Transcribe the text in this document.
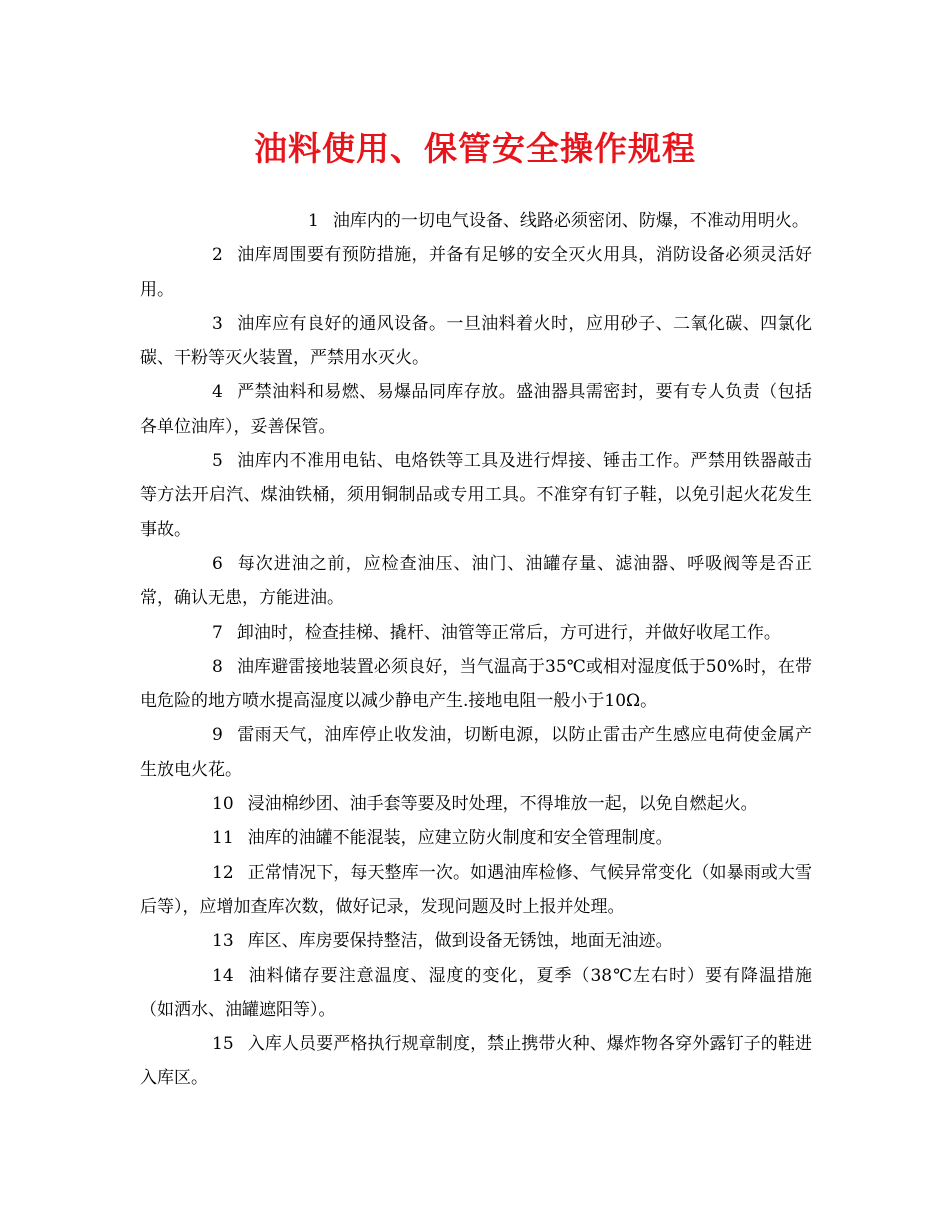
油料使用、保管安全操作规程

1 油库内的一切电气设备、线路必须密闭、防爆，不准动用明火。

2 油库周围要有预防措施，并备有足够的安全灭火用具，消防设备必须灵活好用。

3 油库应有良好的通风设备。一旦油料着火时，应用砂子、二氧化碳、四氯化碳、干粉等灭火装置，严禁用水灭火。

4 严禁油料和易燃、易爆品同库存放。盛油器具需密封，要有专人负责（包括各单位油库），妥善保管。

5 油库内不准用电钻、电烙铁等工具及进行焊接、锤击工作。严禁用铁器敲击等方法开启汽、煤油铁桶，须用铜制品或专用工具。不准穿有钉子鞋，以免引起火花发生事故。

6 每次进油之前，应检查油压、油门、油罐存量、滤油器、呼吸阀等是否正常，确认无患，方能进油。

7 卸油时，检查挂梯、撬杆、油管等正常后，方可进行，并做好收尾工作。

8 油库避雷接地装置必须良好，当气温高于35℃或相对湿度低于50%时，在带电危险的地方喷水提高湿度以减少静电产生.接地电阻一般小于10Ω。

9 雷雨天气，油库停止收发油，切断电源，以防止雷击产生感应电荷使金属产生放电火花。

10 浸油棉纱团、油手套等要及时处理，不得堆放一起，以免自燃起火。

11 油库的油罐不能混装，应建立防火制度和安全管理制度。

12 正常情况下，每天整库一次。如遇油库检修、气候异常变化（如暴雨或大雪后等），应增加查库次数，做好记录，发现问题及时上报并处理。

13 库区、库房要保持整洁，做到设备无锈蚀，地面无油迹。

14 油料储存要注意温度、湿度的变化，夏季（38℃左右时）要有降温措施（如洒水、油罐遮阳等）。

15 入库人员要严格执行规章制度，禁止携带火种、爆炸物各穿外露钉子的鞋进入库区。
